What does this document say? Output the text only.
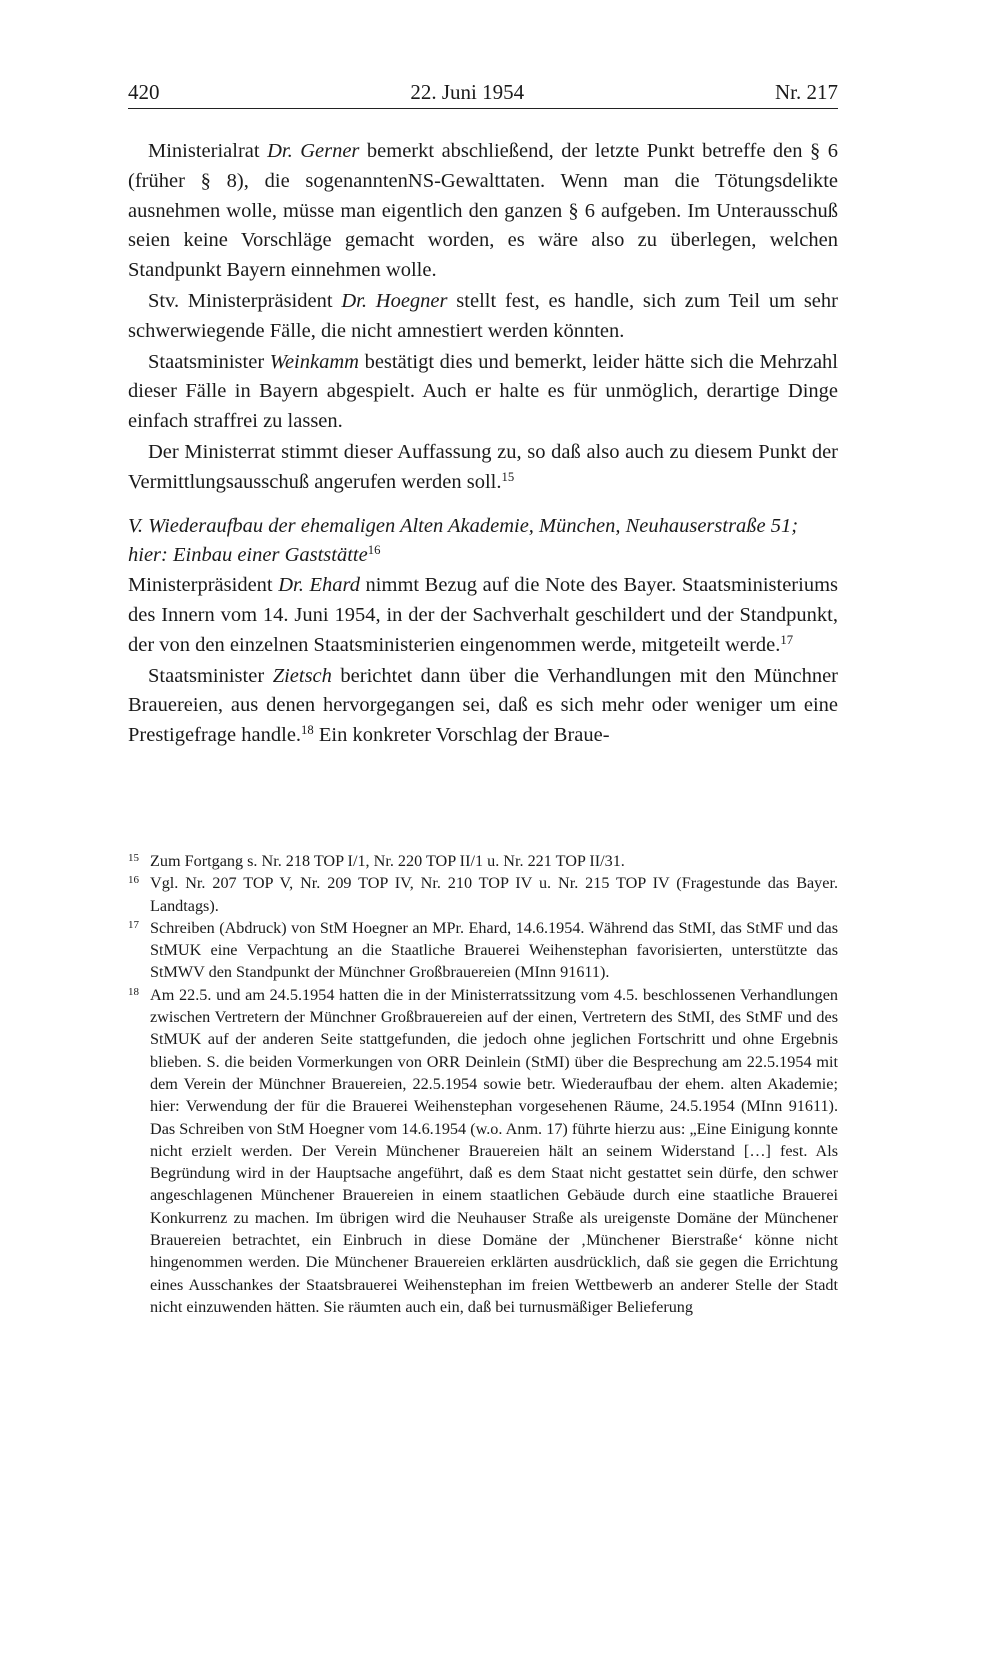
420	22. Juni 1954	Nr. 217

Ministerialrat Dr. Gerner bemerkt abschließend, der letzte Punkt betreffe den § 6 (früher § 8), die sogenanntenNS-Gewalttaten. Wenn man die Tötungsdelikte ausnehmen wolle, müsse man eigentlich den ganzen § 6 aufgeben. Im Unterausschuß seien keine Vorschläge gemacht worden, es wäre also zu überlegen, welchen Standpunkt Bayern einnehmen wolle.

Stv. Ministerpräsident Dr. Hoegner stellt fest, es handle, sich zum Teil um sehr schwerwiegende Fälle, die nicht amnestiert werden könnten.

Staatsminister Weinkamm bestätigt dies und bemerkt, leider hätte sich die Mehrzahl dieser Fälle in Bayern abgespielt. Auch er halte es für unmöglich, derartige Dinge einfach straffrei zu lassen.

Der Ministerrat stimmt dieser Auffassung zu, so daß also auch zu diesem Punkt der Vermittlungsausschuß angerufen werden soll.$^{15}$

V. Wiederaufbau der ehemaligen Alten Akademie, München, Neuhauserstraße 51;
hier: Einbau einer Gaststätte$^{16}$

Ministerpräsident Dr. Ehard nimmt Bezug auf die Note des Bayer. Staatsministeriums des Innern vom 14. Juni 1954, in der der Sachverhalt geschildert und der Standpunkt, der von den einzelnen Staatsministerien eingenommen werde, mitgeteilt werde.$^{17}$

Staatsminister Zietsch berichtet dann über die Verhandlungen mit den Münchner Brauereien, aus denen hervorgegangen sei, daß es sich mehr oder weniger um eine Prestigefrage handle.$^{18}$ Ein konkreter Vorschlag der Braue-

15 Zum Fortgang s. Nr. 218 TOP I/1, Nr. 220 TOP II/1 u. Nr. 221 TOP II/31.
16 Vgl. Nr. 207 TOP V, Nr. 209 TOP IV, Nr. 210 TOP IV u. Nr. 215 TOP IV (Fragestunde das Bayer. Landtags).
17 Schreiben (Abdruck) von StM Hoegner an MPr. Ehard, 14.6.1954. Während das StMI, das StMF und das StMUK eine Verpachtung an die Staatliche Brauerei Weihenstephan favorisierten, unterstützte das StMWV den Standpunkt der Münchner Großbrauereien (MInn 91611).
18 Am 22.5. und am 24.5.1954 hatten die in der Ministerratssitzung vom 4.5. beschlossenen Verhandlungen zwischen Vertretern der Münchner Großbrauereien auf der einen, Vertretern des StMI, des StMF und des StMUK auf der anderen Seite stattgefunden, die jedoch ohne jeglichen Fortschritt und ohne Ergebnis blieben. S. die beiden Vormerkungen von ORR Deinlein (StMI) über die Besprechung am 22.5.1954 mit dem Verein der Münchner Brauereien, 22.5.1954 sowie betr. Wiederaufbau der ehem. alten Akademie; hier: Verwendung der für die Brauerei Weihenstephan vorgesehenen Räume, 24.5.1954 (MInn 91611). Das Schreiben von StM Hoegner vom 14.6.1954 (w.o. Anm. 17) führte hierzu aus: „Eine Einigung konnte nicht erzielt werden. Der Verein Münchener Brauereien hält an seinem Widerstand […] fest. Als Begründung wird in der Hauptsache angeführt, daß es dem Staat nicht gestattet sein dürfe, den schwer angeschlagenen Münchener Brauereien in einem staatlichen Gebäude durch eine staatliche Brauerei Konkurrenz zu machen. Im übrigen wird die Neuhauser Straße als ureigenste Domäne der Münchener Brauereien betrachtet, ein Einbruch in diese Domäne der ‚Münchener Bierstraße‘ könne nicht hingenommen werden. Die Münchener Brauereien erklärten ausdrücklich, daß sie gegen die Errichtung eines Ausschankes der Staatsbrauerei Weihenstephan im freien Wettbewerb an anderer Stelle der Stadt nicht einzuwenden hätten. Sie räumten auch ein, daß bei turnusmäßiger Belieferung
